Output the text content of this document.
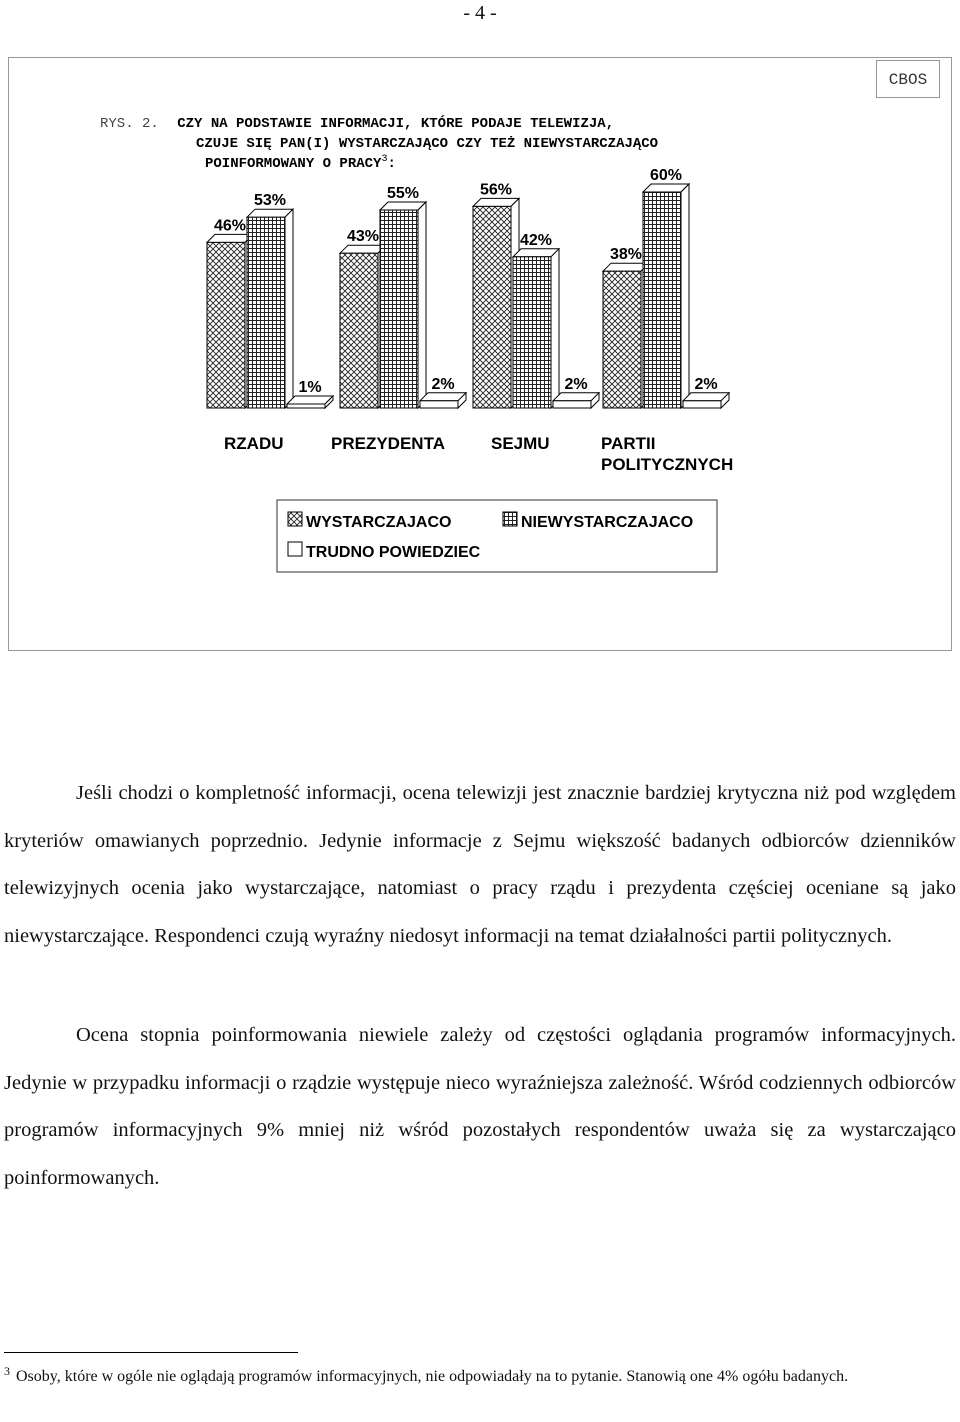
- 4 -
CBOS
RYS. 2. CZY NA PODSTAWIE INFORMACJI, KTÓRE PODAJE TELEWIZJA,
CZUJE SIĘ PAN(I) WYSTARCZAJĄCO CZY TEŻ NIEWYSTARCZAJĄCO
POINFORMOWANY O PRACY$^3$:
46%
53%
1%
43%
55%
2%
56%
42%
2%
38%
60%
2%
RZADU	PREZYDENTA	SEJMU	PARTII
POLITYCZNYCH
WYSTARCZAJACO	NIEWYSTARCZAJACO
TRUDNO POWIEDZIEC

Jeśli chodzi o kompletność informacji, ocena telewizji jest znacznie bardziej krytyczna niż pod względem kryteriów omawianych poprzednio. Jedynie informacje z Sejmu większość badanych odbiorców dzienników telewizyjnych ocenia jako wystarczające, natomiast o pracy rządu i prezydenta częściej oceniane są jako niewystarczające. Respondenci czują wyraźny niedosyt informacji na temat działalności partii politycznych.

Ocena stopnia poinformowania niewiele zależy od częstości oglądania programów informacyjnych. Jedynie w przypadku informacji o rządzie występuje nieco wyraźniejsza zależność. Wśród codziennych odbiorców programów informacyjnych 9% mniej niż wśród pozostałych respondentów uważa się za wystarczająco poinformowanych.

$^3$ Osoby, które w ogóle nie oglądają programów informacyjnych, nie odpowiadały na to pytanie. Stanowią one 4% ogółu badanych.
